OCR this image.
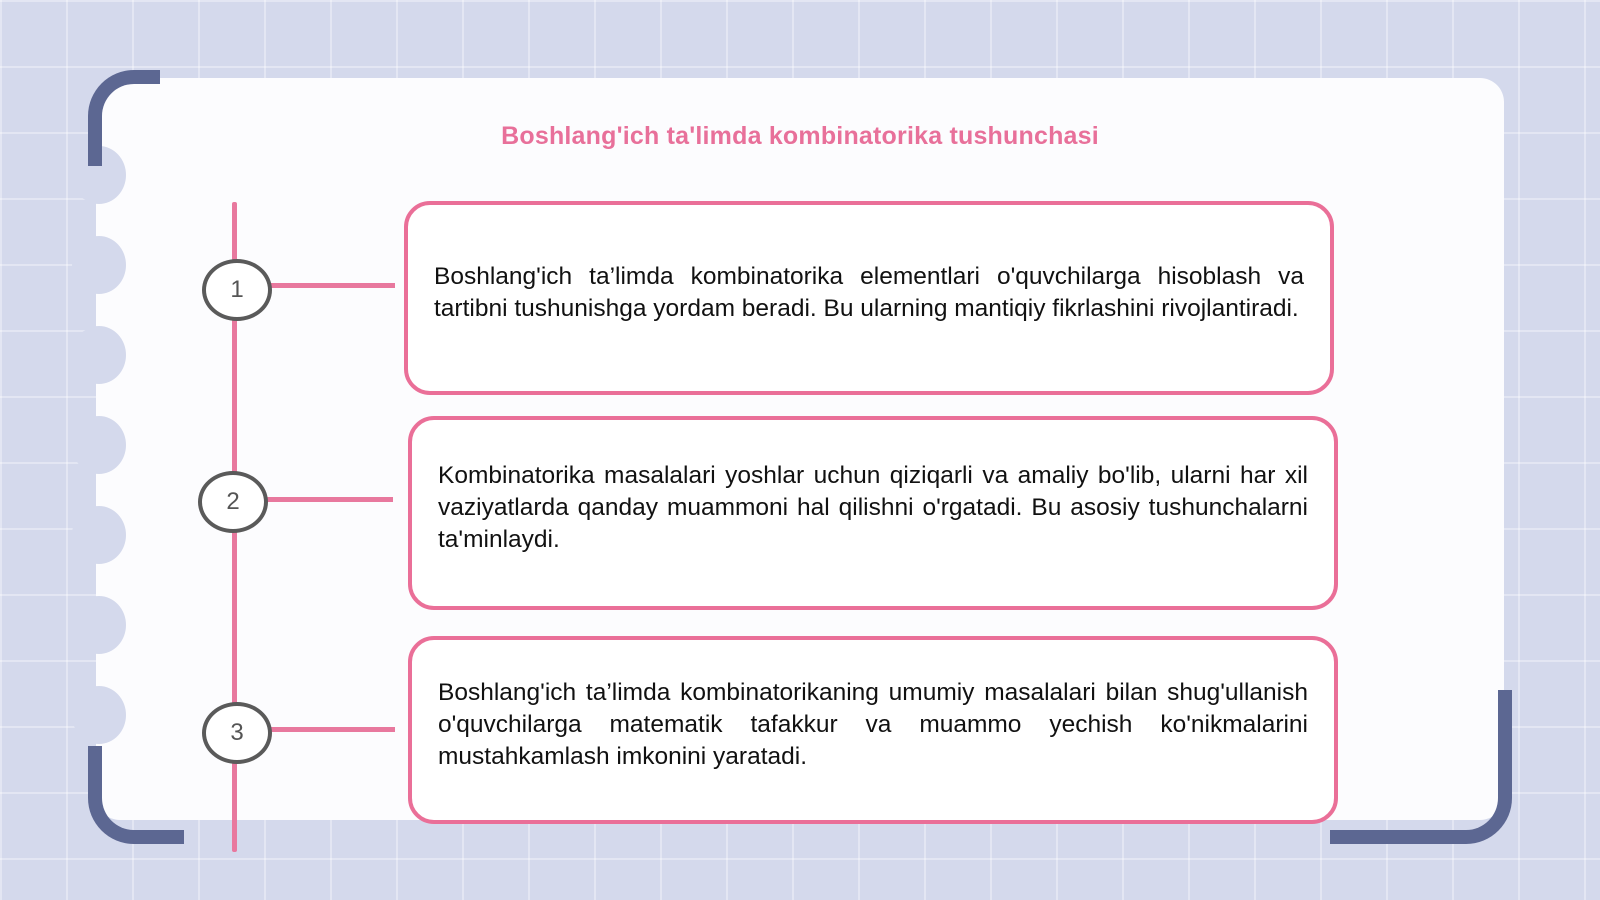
Boshlang'ich ta'limda kombinatorika tushunchasi
1
2
3

Boshlang'ich ta’limda kombinatorika elementlari o'quvchilarga hisoblash va tartibni tushunishga yordam beradi. Bu ularning mantiqiy fikrlashini rivojlantiradi.

Kombinatorika masalalari yoshlar uchun qiziqarli va amaliy bo'lib, ularni har xil vaziyatlarda qanday muammoni hal qilishni o'rgatadi. Bu asosiy tushunchalarni ta'minlaydi.

Boshlang'ich ta’limda kombinatorikaning umumiy masalalari bilan shug'ullanish o'quvchilarga matematik tafakkur va muammo yechish ko'nikmalarini mustahkamlash imkonini yaratadi.
